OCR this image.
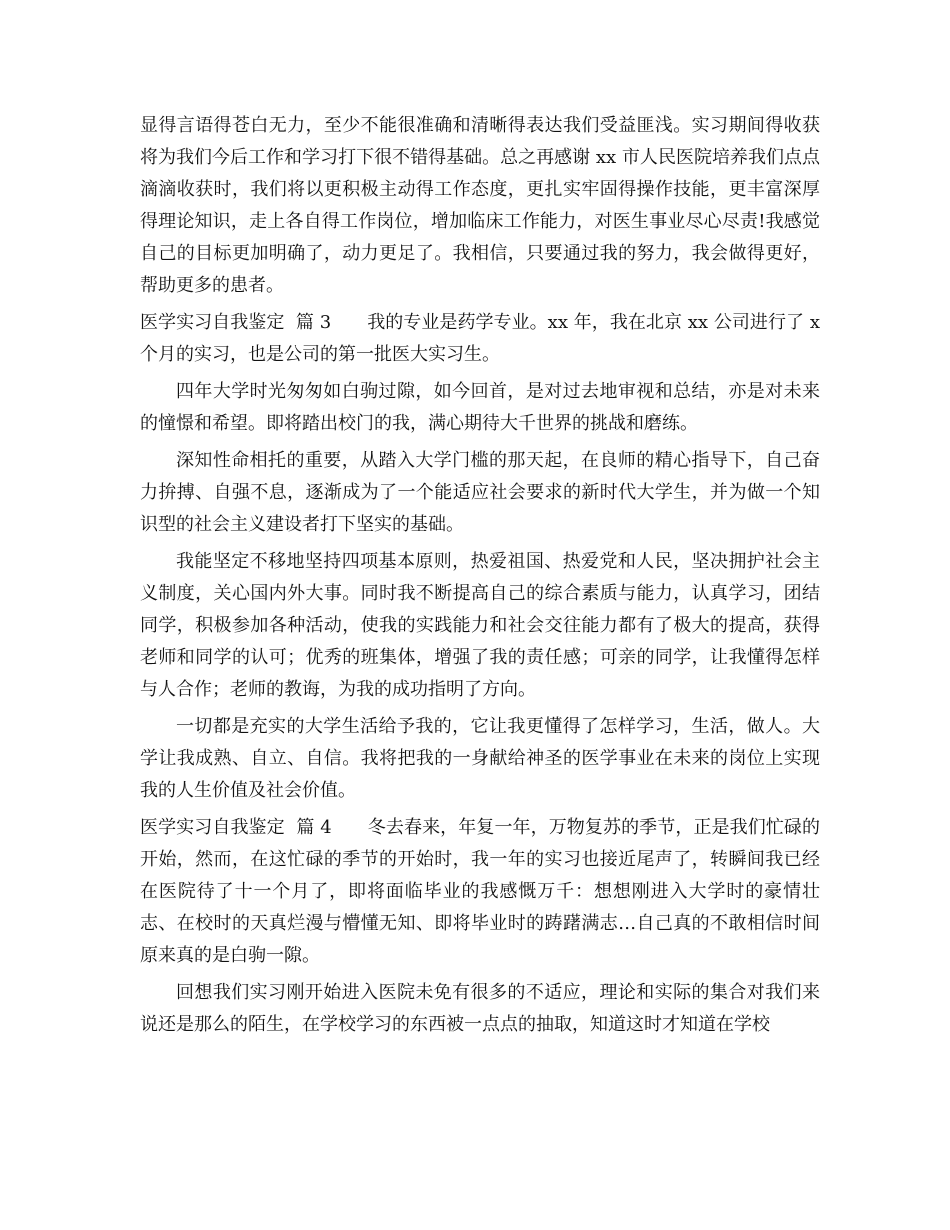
显得言语得苍白无力，至少不能很准确和清晰得表达我们受益匪浅。实习期间得收获将为我们今后工作和学习打下很不错得基础。总之再感谢 xx 市人民医院培养我们点点滴滴收获时，我们将以更积极主动得工作态度，更扎实牢固得操作技能，更丰富深厚得理论知识，走上各自得工作岗位，增加临床工作能力，对医生事业尽心尽责!我感觉自己的目标更加明确了，动力更足了。我相信，只要通过我的努力，我会做得更好，帮助更多的患者。

医学实习自我鉴定  篇 3 我的专业是药学专业。xx 年，我在北京 xx 公司进行了 x 个月的实习，也是公司的第一批医大实习生。

四年大学时光匆匆如白驹过隙，如今回首，是对过去地审视和总结，亦是对未来的憧憬和希望。即将踏出校门的我，满心期待大千世界的挑战和磨练。

深知性命相托的重要，从踏入大学门槛的那天起，在良师的精心指导下，自己奋力拚搏、自强不息，逐渐成为了一个能适应社会要求的新时代大学生，并为做一个知识型的社会主义建设者打下坚实的基础。

我能坚定不移地坚持四项基本原则，热爱祖国、热爱党和人民，坚决拥护社会主义制度，关心国内外大事。同时我不断提高自己的综合素质与能力，认真学习，团结同学，积极参加各种活动，使我的实践能力和社会交往能力都有了极大的提高，获得老师和同学的认可；优秀的班集体，增强了我的责任感；可亲的同学，让我懂得怎样与人合作；老师的教诲，为我的成功指明了方向。

一切都是充实的大学生活给予我的，它让我更懂得了怎样学习，生活，做人。大学让我成熟、自立、自信。我将把我的一身献给神圣的医学事业在未来的岗位上实现我的人生价值及社会价值。

医学实习自我鉴定  篇 4 冬去春来，年复一年，万物复苏的季节，正是我们忙碌的开始，然而，在这忙碌的季节的开始时，我一年的实习也接近尾声了，转瞬间我已经在医院待了十一个月了，即将面临毕业的我感慨万千：想想刚进入大学时的豪情壮志、在校时的天真烂漫与懵懂无知、即将毕业时的踌躇满志…自己真的不敢相信时间原来真的是白驹一隙。

回想我们实习刚开始进入医院未免有很多的不适应，理论和实际的集合对我们来说还是那么的陌生，在学校学习的东西被一点点的抽取，知道这时才知道在学校
